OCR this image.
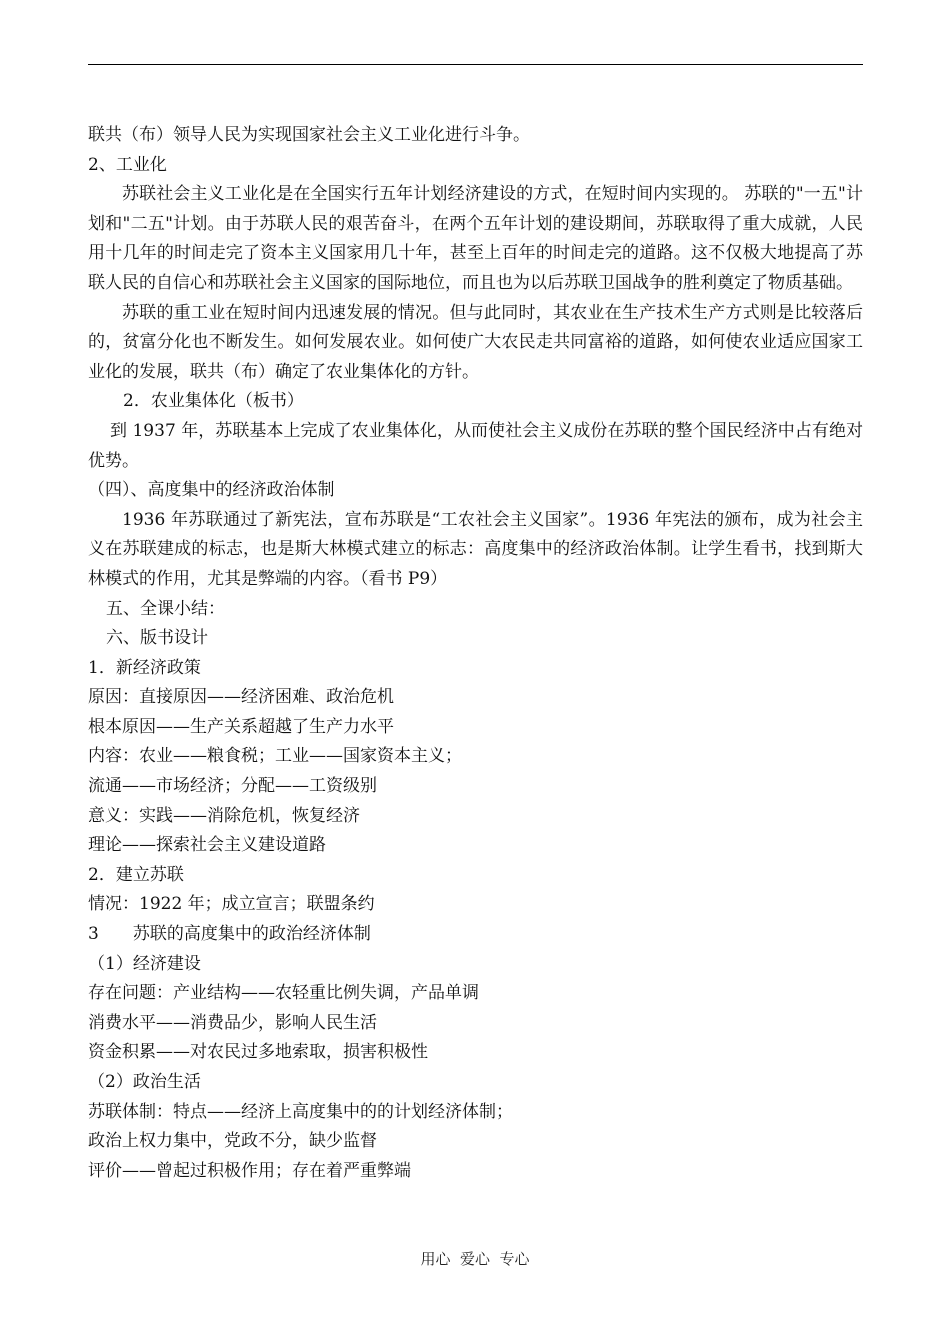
联共（布）领导人民为实现国家社会主义工业化进行斗争。
2、工业化

苏联社会主义工业化是在全国实行五年计划经济建设的方式，在短时间内实现的。 苏联的"一五"计划和"二五"计划。由于苏联人民的艰苦奋斗，在两个五年计划的建设期间，苏联取得了重大成就，人民用十几年的时间走完了资本主义国家用几十年，甚至上百年的时间走完的道路。这不仅极大地提高了苏联人民的自信心和苏联社会主义国家的国际地位，而且也为以后苏联卫国战争的胜利奠定了物质基础。

苏联的重工业在短时间内迅速发展的情况。但与此同时，其农业在生产技术生产方式则是比较落后的，贫富分化也不断发生。如何发展农业。如何使广大农民走共同富裕的道路，如何使农业适应国家工业化的发展，联共（布）确定了农业集体化的方针。

2．农业集体化（板书）

到 1937 年，苏联基本上完成了农业集体化，从而使社会主义成份在苏联的整个国民经济中占有绝对优势。

（四）、高度集中的经济政治体制

1936 年苏联通过了新宪法，宣布苏联是“工农社会主义国家”。1936 年宪法的颁布，成为社会主义在苏联建成的标志，也是斯大林模式建立的标志：高度集中的经济政治体制。让学生看书，找到斯大林模式的作用，尤其是弊端的内容。（看书 P9）

五、全课小结：
六、版书设计
1．新经济政策
原因：直接原因——经济困难、政治危机
根本原因——生产关系超越了生产力水平
内容：农业——粮食税；工业——国家资本主义；
流通——市场经济；分配——工资级别
意义：实践——消除危机，恢复经济
理论——探索社会主义建设道路
2．建立苏联
情况：1922 年；成立宣言；联盟条约
3　　苏联的高度集中的政治经济体制
（1）经济建设
存在问题：产业结构——农轻重比例失调，产品单调
消费水平——消费品少，影响人民生活
资金积累——对农民过多地索取，损害积极性
（2）政治生活
苏联体制：特点——经济上高度集中的的计划经济体制；
政治上权力集中，党政不分，缺少监督
评价——曾起过积极作用；存在着严重弊端
用心  爱心  专心
